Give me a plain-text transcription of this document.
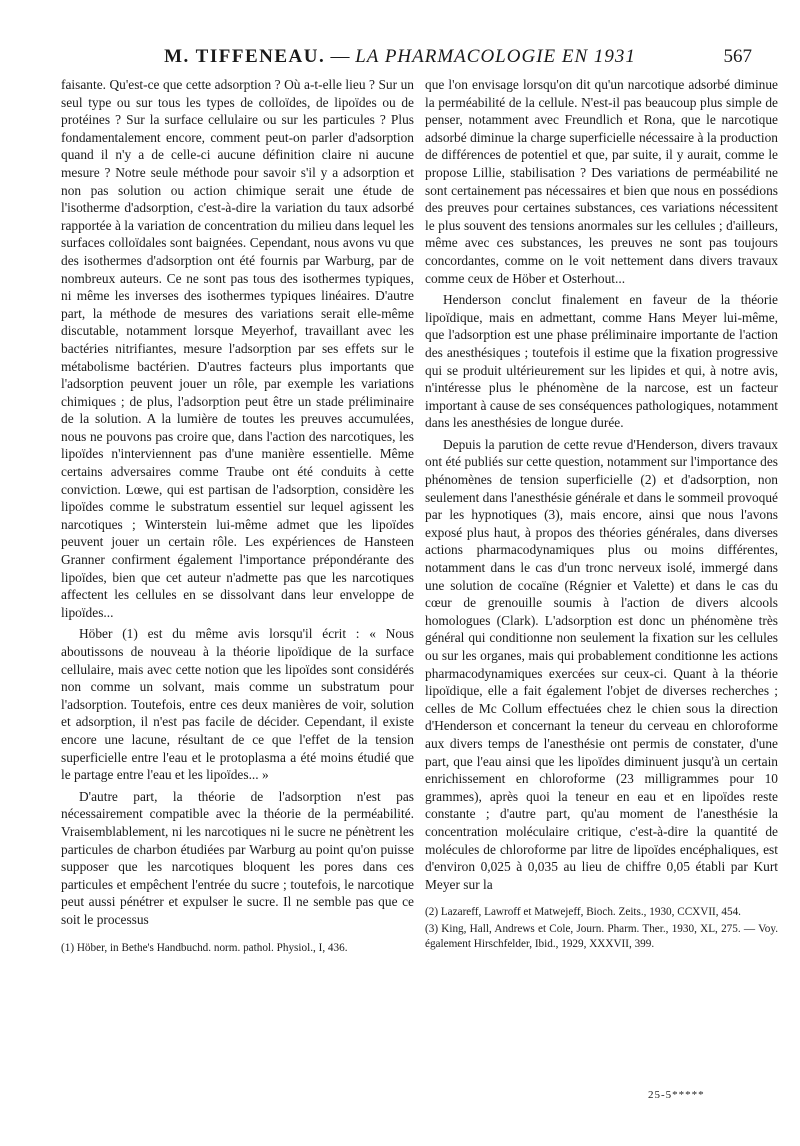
M. TIFFENEAU. — LA PHARMACOLOGIE EN 1931	567

faisante. Qu'est-ce que cette adsorption ? Où a-t-elle lieu ? Sur un seul type ou sur tous les types de colloïdes, de lipoïdes ou de protéines ? Sur la surface cellulaire ou sur les particules ? Plus fondamentalement encore, comment peut-on parler d'adsorption quand il n'y a de celle-ci aucune définition claire ni aucune mesure ? Notre seule méthode pour savoir s'il y a adsorption et non pas solution ou action chimique serait une étude de l'isotherme d'adsorption, c'est-à-dire la variation du taux adsorbé rapportée à la variation de concentration du milieu dans lequel les surfaces colloïdales sont baignées. Cependant, nous avons vu que des isothermes d'adsorption ont été fournis par Warburg, par de nombreux auteurs. Ce ne sont pas tous des isothermes typiques, ni même les inverses des isothermes typiques linéaires. D'autre part, la méthode de mesures des variations serait elle-même discutable, notamment lorsque Meyerhof, travaillant avec les bactéries nitrifiantes, mesure l'adsorption par ses effets sur le métabolisme bactérien. D'autres facteurs plus importants que l'adsorption peuvent jouer un rôle, par exemple les variations chimiques ; de plus, l'adsorption peut être un stade préliminaire de la solution. A la lumière de toutes les preuves accumulées, nous ne pouvons pas croire que, dans l'action des narcotiques, les lipoïdes n'interviennent pas d'une manière essentielle. Même certains adversaires comme Traube ont été conduits à cette conviction. Lœwe, qui est partisan de l'adsorption, considère les lipoïdes comme le substratum essentiel sur lequel agissent les narcotiques ; Winterstein lui-même admet que les lipoïdes peuvent jouer un certain rôle. Les expériences de Hansteen Granner confirment également l'importance prépondérante des lipoïdes, bien que cet auteur n'admette pas que les narcotiques affectent les cellules en se dissolvant dans leur enveloppe de lipoïdes...

Höber (1) est du même avis lorsqu'il écrit : « Nous aboutissons de nouveau à la théorie lipoïdique de la surface cellulaire, mais avec cette notion que les lipoïdes sont considérés non comme un solvant, mais comme un substratum pour l'adsorption. Toutefois, entre ces deux manières de voir, solution et adsorption, il n'est pas facile de décider. Cependant, il existe encore une lacune, résultant de ce que l'effet de la tension superficielle entre l'eau et le protoplasma a été moins étudié que le partage entre l'eau et les lipoïdes... »

D'autre part, la théorie de l'adsorption n'est pas nécessairement compatible avec la théorie de la perméabilité. Vraisemblablement, ni les narcotiques ni le sucre ne pénètrent les particules de charbon étudiées par Warburg au point qu'on puisse supposer que les narcotiques bloquent les pores dans ces particules et empêchent l'entrée du sucre ; toutefois, le narcotique peut aussi pénétrer et expulser le sucre. Il ne semble pas que ce soit le processus

(1) Höber, in Bethe's Handbuchd. norm. pathol. Physiol., I, 436.

que l'on envisage lorsqu'on dit qu'un narcotique adsorbé diminue la perméabilité de la cellule. N'est-il pas beaucoup plus simple de penser, notamment avec Freundlich et Rona, que le narcotique adsorbé diminue la charge superficielle nécessaire à la production de différences de potentiel et que, par suite, il y aurait, comme le propose Lillie, stabilisation ? Des variations de perméabilité ne sont certainement pas nécessaires et bien que nous en possédions des preuves pour certaines substances, ces variations nécessitent le plus souvent des tensions anormales sur les cellules ; d'ailleurs, même avec ces substances, les preuves ne sont pas toujours concordantes, comme on le voit nettement dans divers travaux comme ceux de Höber et Osterhout...

Henderson conclut finalement en faveur de la théorie lipoïdique, mais en admettant, comme Hans Meyer lui-même, que l'adsorption est une phase préliminaire importante de l'action des anesthésiques ; toutefois il estime que la fixation progressive qui se produit ultérieurement sur les lipides et qui, à notre avis, n'intéresse plus le phénomène de la narcose, est un facteur important à cause de ses conséquences pathologiques, notamment dans les anesthésies de longue durée.

Depuis la parution de cette revue d'Henderson, divers travaux ont été publiés sur cette question, notamment sur l'importance des phénomènes de tension superficielle (2) et d'adsorption, non seulement dans l'anesthésie générale et dans le sommeil provoqué par les hypnotiques (3), mais encore, ainsi que nous l'avons exposé plus haut, à propos des théories générales, dans diverses actions pharmacodynamiques plus ou moins différentes, notamment dans le cas d'un tronc nerveux isolé, immergé dans une solution de cocaïne (Régnier et Valette) et dans le cas du cœur de grenouille soumis à l'action de divers alcools homologues (Clark). L'adsorption est donc un phénomène très général qui conditionne non seulement la fixation sur les cellules ou sur les organes, mais qui probablement conditionne les actions pharmacodynamiques exercées sur ceux-ci. Quant à la théorie lipoïdique, elle a fait également l'objet de diverses recherches ; celles de Mc Collum effectuées chez le chien sous la direction d'Henderson et concernant la teneur du cerveau en chloroforme aux divers temps de l'anesthésie ont permis de constater, d'une part, que l'eau ainsi que les lipoïdes diminuent jusqu'à un certain enrichissement en chloroforme (23 milligrammes pour 10 grammes), après quoi la teneur en eau et en lipoïdes reste constante ; d'autre part, qu'au moment de l'anesthésie la concentration moléculaire critique, c'est-à-dire la quantité de molécules de chloroforme par litre de lipoïdes encéphaliques, est d'environ 0,025 à 0,035 au lieu de chiffre 0,05 établi par Kurt Meyer sur la

(2) Lazareff, Lawroff et Matwejeff, Bioch. Zeits., 1930, CCXVII, 454.

(3) King, Hall, Andrews et Cole, Journ. Pharm. Ther., 1930, XL, 275. — Voy. également Hirschfelder, Ibid., 1929, XXXVII, 399.

25-5*****
